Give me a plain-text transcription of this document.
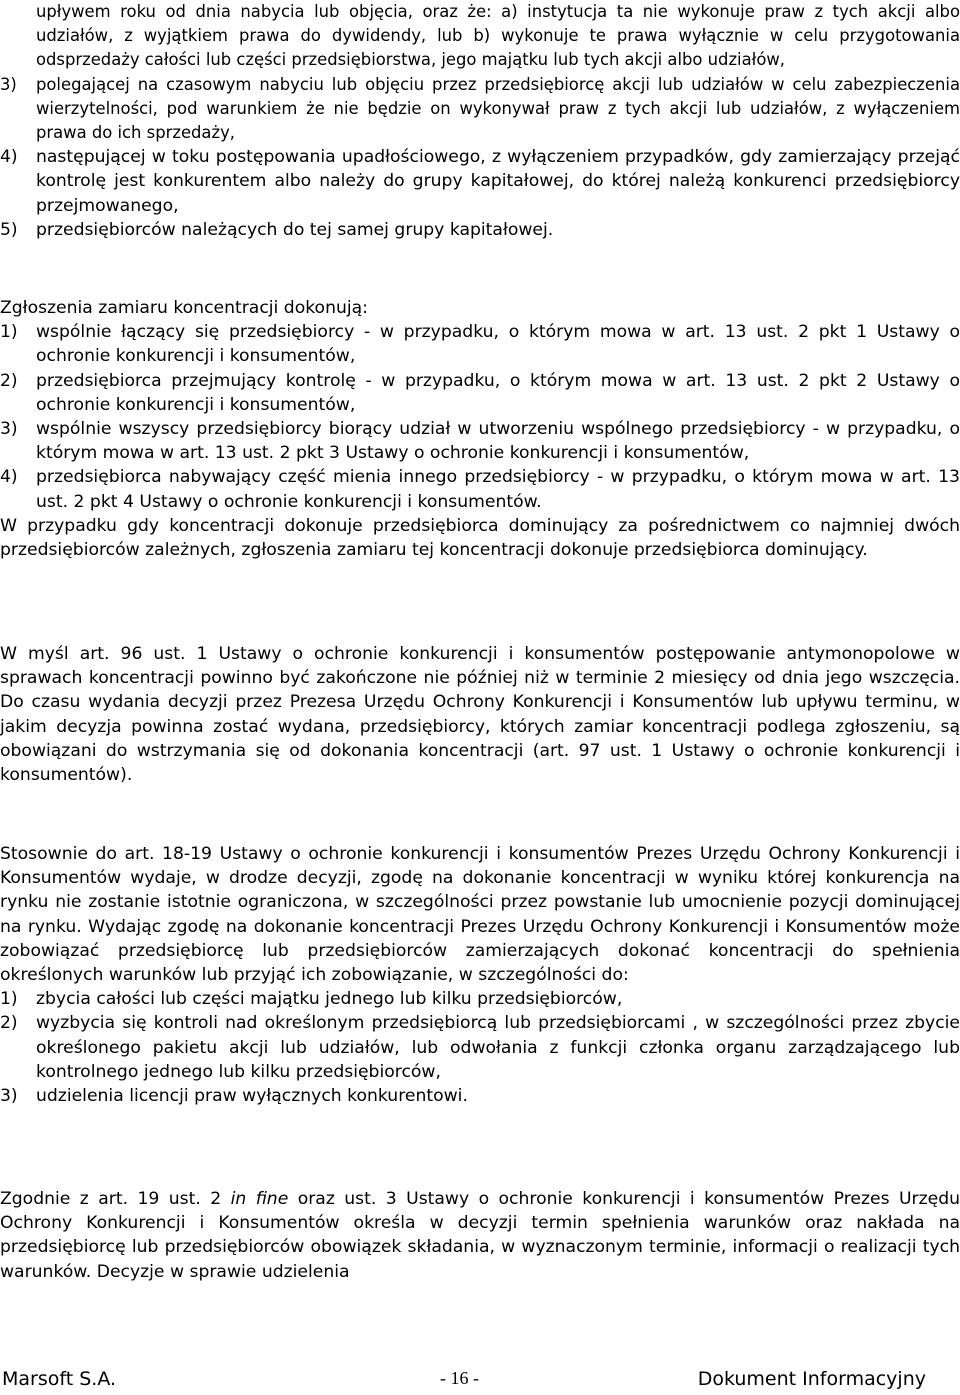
upływem roku od dnia nabycia lub objęcia, oraz że: a) instytucja ta nie wykonuje praw z tych akcji albo udziałów, z wyjątkiem prawa do dywidendy, lub b) wykonuje te prawa wyłącznie w celu przygotowania odsprzedaży całości lub części przedsiębiorstwa, jego majątku lub tych akcji albo udziałów,

3)	polegającej na czasowym nabyciu lub objęciu przez przedsiębiorcę akcji lub udziałów w celu zabezpieczenia wierzytelności, pod warunkiem że nie będzie on wykonywał praw z tych akcji lub udziałów, z wyłączeniem prawa do ich sprzedaży,
4)	następującej w toku postępowania upadłościowego, z wyłączeniem przypadków, gdy zamierzający przejąć kontrolę jest konkurentem albo należy do grupy kapitałowej, do której należą konkurenci przedsiębiorcy przejmowanego,
5)	przedsiębiorców należących do tej samej grupy kapitałowej.

Zgłoszenia zamiaru koncentracji dokonują:

1)	wspólnie łączący się przedsiębiorcy - w przypadku, o którym mowa w art. 13 ust. 2 pkt 1 Ustawy o ochronie konkurencji i konsumentów,
2)	przedsiębiorca przejmujący kontrolę - w przypadku, o którym mowa w art. 13 ust. 2 pkt 2 Ustawy o ochronie konkurencji i konsumentów,
3)	wspólnie wszyscy przedsiębiorcy biorący udział w utworzeniu wspólnego przedsiębiorcy - w przypadku, o którym mowa w art. 13 ust. 2 pkt 3 Ustawy o ochronie konkurencji i konsumentów,
4)	przedsiębiorca nabywający część mienia innego przedsiębiorcy - w przypadku, o którym mowa w art. 13 ust. 2 pkt 4 Ustawy o ochronie konkurencji i konsumentów.

W przypadku gdy koncentracji dokonuje przedsiębiorca dominujący za pośrednictwem co najmniej dwóch przedsiębiorców zależnych, zgłoszenia zamiaru tej koncentracji dokonuje przedsiębiorca dominujący.

W myśl art. 96 ust. 1 Ustawy o ochronie konkurencji i konsumentów postępowanie antymonopolowe w sprawach koncentracji powinno być zakończone nie później niż w terminie 2 miesięcy od dnia jego wszczęcia. Do czasu wydania decyzji przez Prezesa Urzędu Ochrony Konkurencji i Konsumentów lub upływu terminu, w jakim decyzja powinna zostać wydana, przedsiębiorcy, których zamiar koncentracji podlega zgłoszeniu, są obowiązani do wstrzymania się od dokonania koncentracji (art. 97 ust. 1 Ustawy o ochronie konkurencji i konsumentów).

Stosownie do art. 18-19 Ustawy o ochronie konkurencji i konsumentów Prezes Urzędu Ochrony Konkurencji i Konsumentów wydaje, w drodze decyzji, zgodę na dokonanie koncentracji w wyniku której konkurencja na rynku nie zostanie istotnie ograniczona, w szczególności przez powstanie lub umocnienie pozycji dominującej na rynku. Wydając zgodę na dokonanie koncentracji Prezes Urzędu Ochrony Konkurencji i Konsumentów może zobowiązać przedsiębiorcę lub przedsiębiorców zamierzających dokonać koncentracji do spełnienia określonych warunków lub przyjąć ich zobowiązanie, w szczególności do:

1)	zbycia całości lub części majątku jednego lub kilku przedsiębiorców,
2)	wyzbycia się kontroli nad określonym przedsiębiorcą lub przedsiębiorcami , w szczególności przez zbycie określonego pakietu akcji lub udziałów, lub odwołania z funkcji członka organu zarządzającego lub kontrolnego jednego lub kilku przedsiębiorców,
3)	udzielenia licencji praw wyłącznych konkurentowi.

Zgodnie z art. 19 ust. 2 in fine oraz ust. 3 Ustawy o ochronie konkurencji i konsumentów Prezes Urzędu Ochrony Konkurencji i Konsumentów określa w decyzji termin spełnienia warunków oraz nakłada na przedsiębiorcę lub przedsiębiorców obowiązek składania, w wyznaczonym terminie, informacji o realizacji tych warunków. Decyzje w sprawie udzielenia

Marsoft S.A.	- 16 -	Dokument Informacyjny
